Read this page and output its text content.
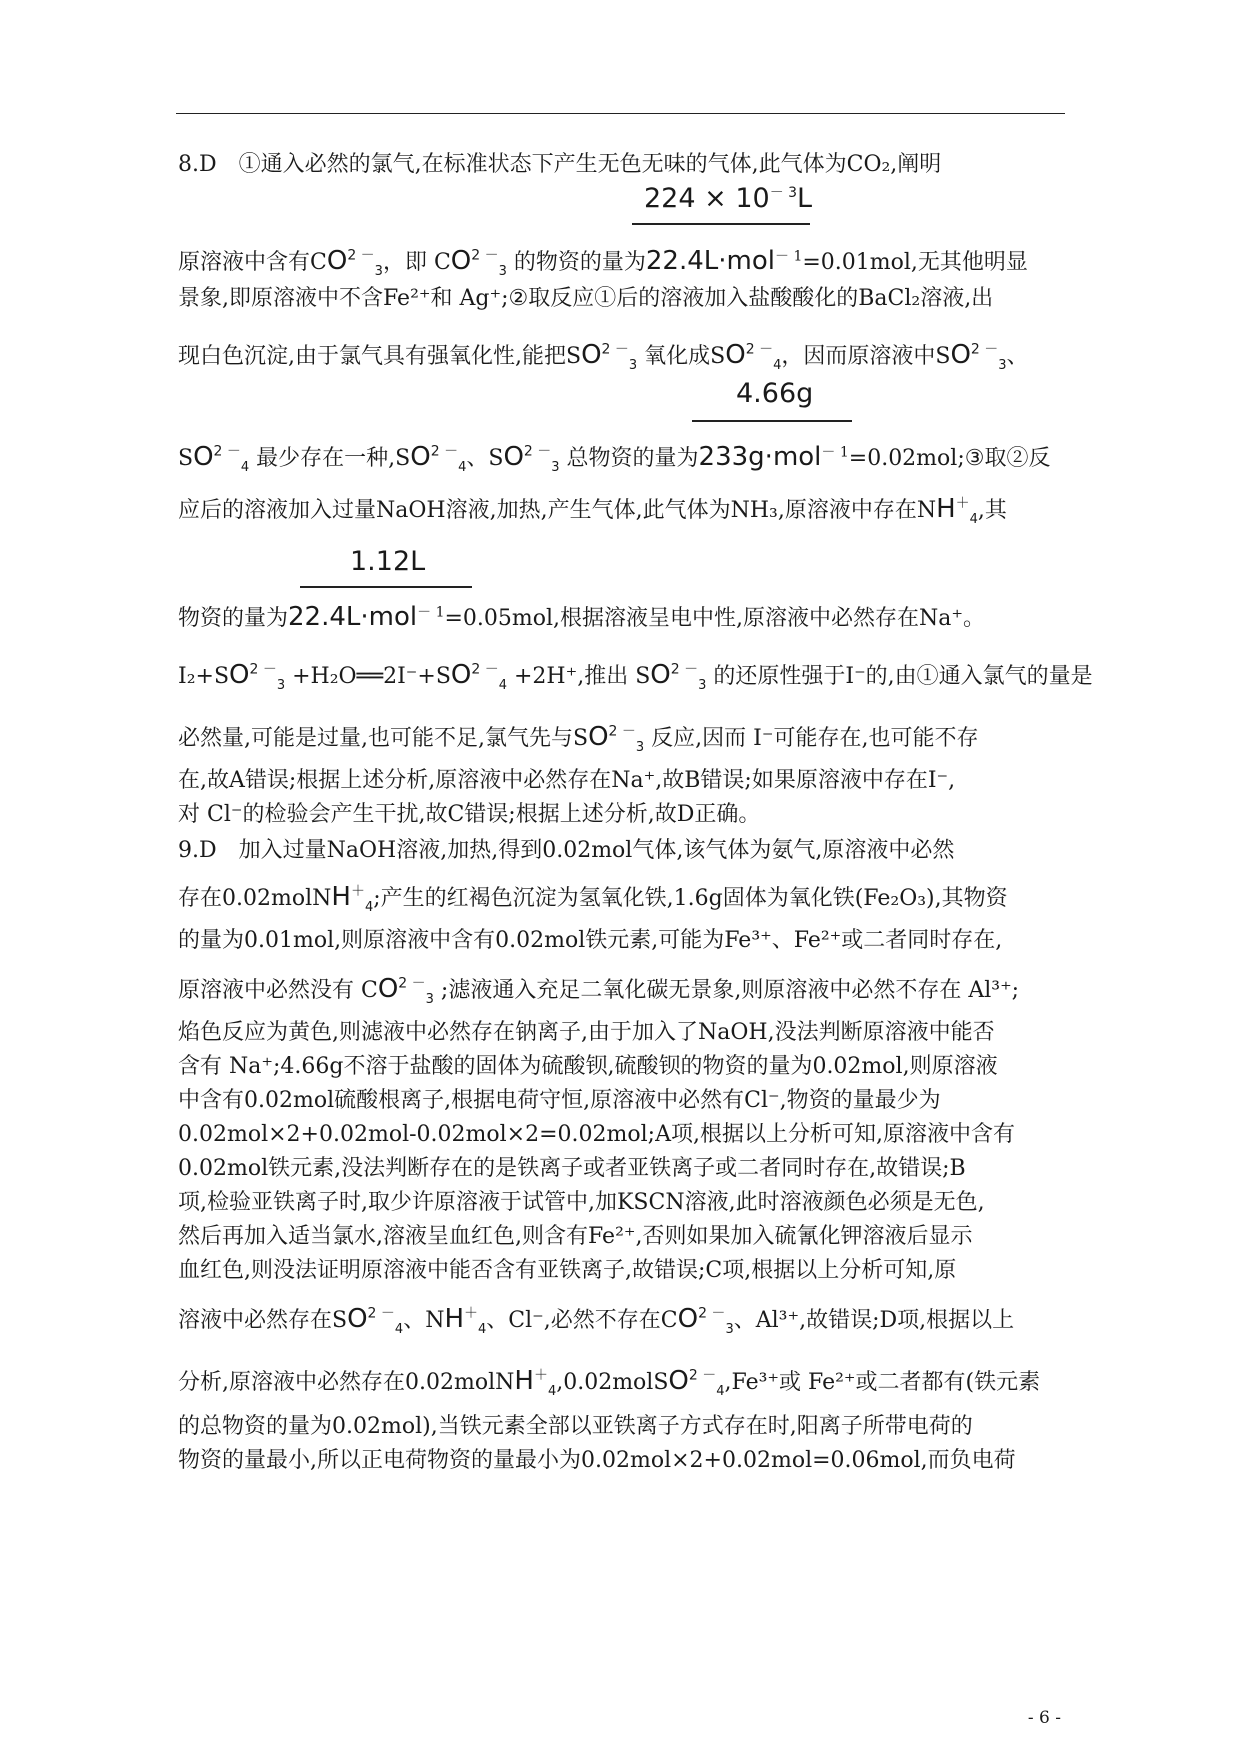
8.D　①通入必然的氯气,在标准状态下产生无色无味的气体,此气体为CO₂,阐明
$224 \times 10^{- 3}L$
原溶液中含有$CO^{2 -}_3$，即 $CO^{2 -}_3$ 的物资的量为22.4L·mol$^{- 1}$=0.01mol,无其他明显
景象,即原溶液中不含Fe²⁺和 Ag⁺;②取反应①后的溶液加入盐酸酸化的BaCl₂溶液,出
现白色沉淀,由于氯气具有强氧化性,能把$SO^{2 -}_3$ 氧化成$SO^{2 -}_4$，因而原溶液中$SO^{2 -}_3$、
4.66g
$SO^{2 -}_4$ 最少存在一种$,SO^{2 -}_4$、$SO^{2 -}_3$ 总物资的量为233g·mol$^{- 1}$=0.02mol;③取②反
应后的溶液加入过量NaOH溶液,加热,产生气体,此气体为NH₃,原溶液中存在$NH^+_4$,其
1.12L
物资的量为22.4L·mol$^{- 1}$=0.05mol,根据溶液呈电中性,原溶液中必然存在Na⁺。
$I_2+SO^{2 -}_3$ $+H_2O══2I^-+SO^{2 -}_4 +2H^+$,推出 $SO^{2 -}_3$ 的还原性强于I⁻的,由①通入氯气的量是
必然量,可能是过量,也可能不足,氯气先与$SO^{2 -}_3$ 反应,因而 I⁻可能存在,也可能不存
在,故A错误;根据上述分析,原溶液中必然存在Na⁺,故B错误;如果原溶液中存在I⁻,
对 Cl⁻的检验会产生干扰,故C错误;根据上述分析,故D正确。
9.D　加入过量NaOH溶液,加热,得到0.02mol气体,该气体为氨气,原溶液中必然
存在0.02molNH＋$_4$;产生的红褐色沉淀为氢氧化铁,1.6g固体为氧化铁(Fe₂O₃),其物资
的量为0.01mol,则原溶液中含有0.02mol铁元素,可能为Fe³⁺、Fe²⁺或二者同时存在,
原溶液中必然没有 $CO^{2 -}_3$ ;滤液通入充足二氧化碳无景象,则原溶液中必然不存在 Al³⁺;
焰色反应为黄色,则滤液中必然存在钠离子,由于加入了NaOH,没法判断原溶液中能否
含有 Na⁺;4.66g不溶于盐酸的固体为硫酸钡,硫酸钡的物资的量为0.02mol,则原溶液
中含有0.02mol硫酸根离子,根据电荷守恒,原溶液中必然有Cl⁻,物资的量最少为
0.02mol×2+0.02mol-0.02mol×2=0.02mol;A项,根据以上分析可知,原溶液中含有
0.02mol铁元素,没法判断存在的是铁离子或者亚铁离子或二者同时存在,故错误;B
项,检验亚铁离子时,取少许原溶液于试管中,加KSCN溶液,此时溶液颜色必须是无色,
然后再加入适当氯水,溶液呈血红色,则含有Fe²⁺,否则如果加入硫氰化钾溶液后显示
血红色,则没法证明原溶液中能否含有亚铁离子,故错误;C项,根据以上分析可知,原
溶液中必然存在$SO^{2 -}_4$、$NH^+_4$、Cl⁻,必然不存在$CO^{2 -}_3$、Al³⁺,故错误;D项,根据以上
分析,原溶液中必然存在0.02molNH＋$_4$,0.02molSO$^{2 -}_4$,Fe³⁺或 Fe²⁺或二者都有(铁元素
的总物资的量为0.02mol),当铁元素全部以亚铁离子方式存在时,阳离子所带电荷的
物资的量最小,所以正电荷物资的量最小为0.02mol×2+0.02mol=0.06mol,而负电荷
- 6 -
